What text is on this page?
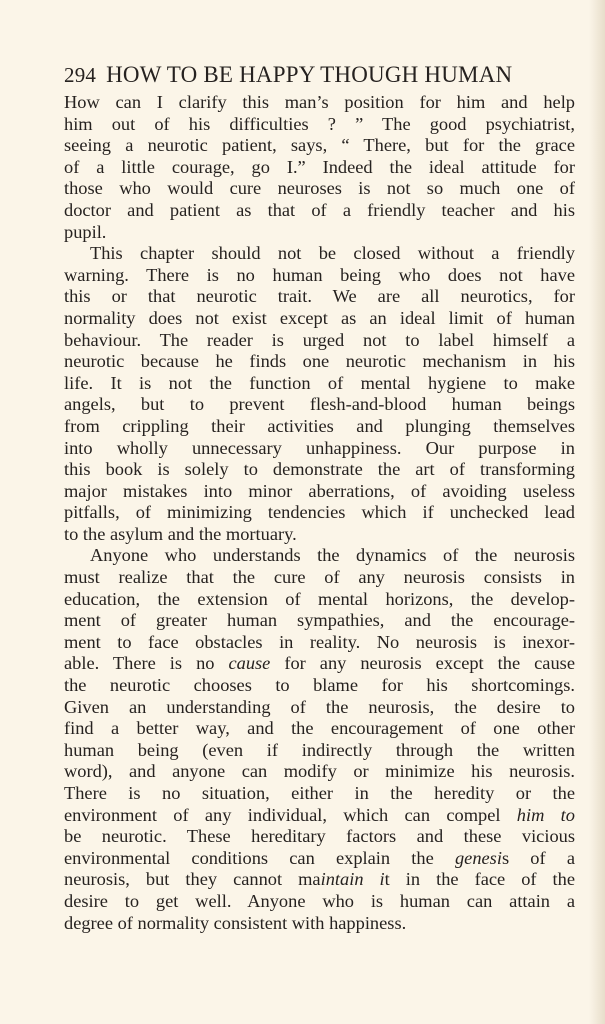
294 HOW TO BE HAPPY THOUGH HUMAN
How can I clarify this man’s position for him and help
him out of his difficulties ? ” The good psychiatrist,
seeing a neurotic patient, says, “ There, but for the grace
of a little courage, go I.” Indeed the ideal attitude for
those who would cure neuroses is not so much one of
doctor and patient as that of a friendly teacher and his
pupil.
This chapter should not be closed without a friendly
warning. There is no human being who does not have
this or that neurotic trait. We are all neurotics, for
normality does not exist except as an ideal limit of human
behaviour. The reader is urged not to label himself a
neurotic because he finds one neurotic mechanism in his
life. It is not the function of mental hygiene to make
angels, but to prevent flesh-and-blood human beings
from crippling their activities and plunging themselves
into wholly unnecessary unhappiness. Our purpose in
this book is solely to demonstrate the art of transforming
major mistakes into minor aberrations, of avoiding useless
pitfalls, of minimizing tendencies which if unchecked lead
to the asylum and the mortuary.
Anyone who understands the dynamics of the neurosis
must realize that the cure of any neurosis consists in
education, the extension of mental horizons, the develop-
ment of greater human sympathies, and the encourage-
ment to face obstacles in reality. No neurosis is inexor-
able. There is no cause for any neurosis except the cause
the neurotic chooses to blame for his shortcomings.
Given an understanding of the neurosis, the desire to
find a better way, and the encouragement of one other
human being (even if indirectly through the written
word), and anyone can modify or minimize his neurosis.
There is no situation, either in the heredity or the
environment of any individual, which can compel him to
be neurotic. These hereditary factors and these vicious
environmental conditions can explain the genesis of a
neurosis, but they cannot maintain it in the face of the
desire to get well. Anyone who is human can attain a
degree of normality consistent with happiness.
